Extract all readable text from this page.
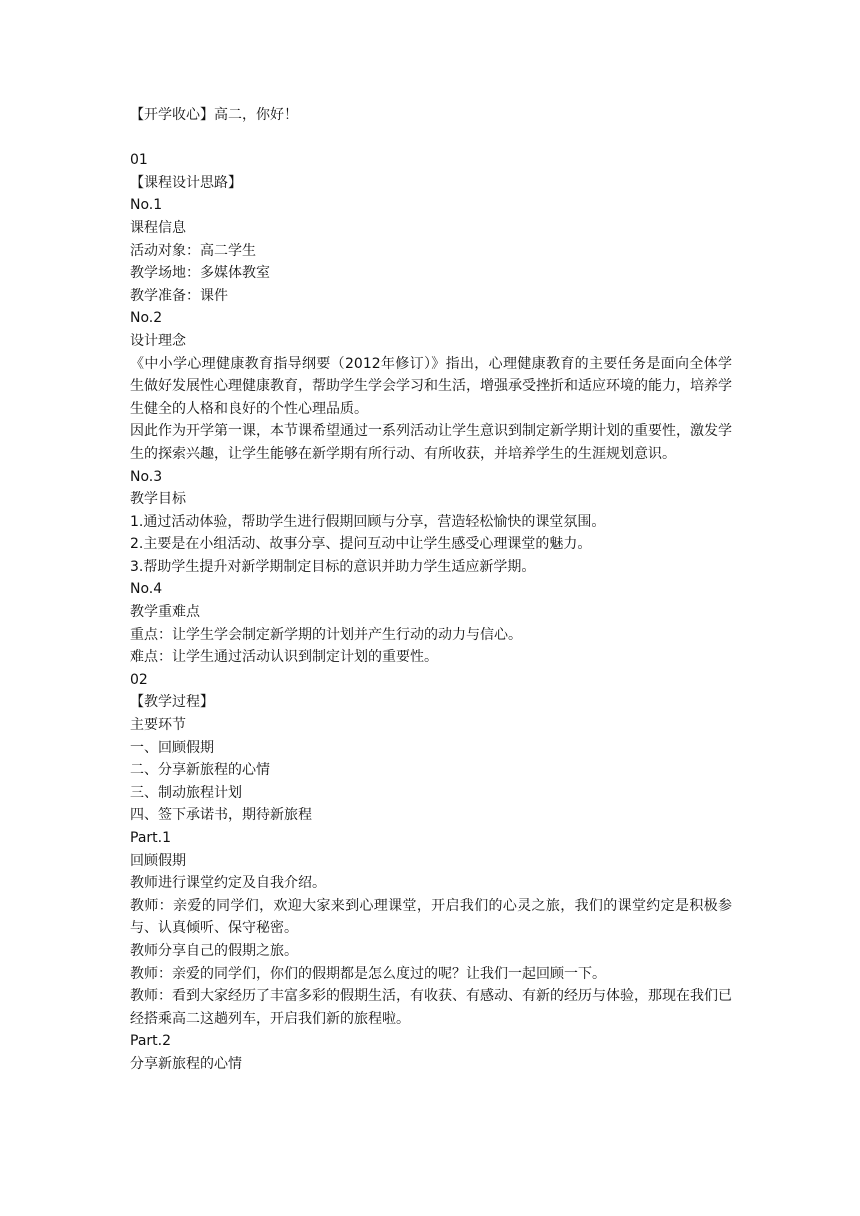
【开学收心】高二，你好！
01
【课程设计思路】
No.1
课程信息
活动对象：高二学生
教学场地：多媒体教室
教学准备：课件
No.2
设计理念
《中小学心理健康教育指导纲要（2012年修订）》指出，心理健康教育的主要任务是面向全体学生做好发展性心理健康教育，帮助学生学会学习和生活，增强承受挫折和适应环境的能力，培养学生健全的人格和良好的个性心理品质。
因此作为开学第一课，本节课希望通过一系列活动让学生意识到制定新学期计划的重要性，激发学生的探索兴趣，让学生能够在新学期有所行动、有所收获，并培养学生的生涯规划意识。
No.3
教学目标
1.通过活动体验，帮助学生进行假期回顾与分享，营造轻松愉快的课堂氛围。
2.主要是在小组活动、故事分享、提问互动中让学生感受心理课堂的魅力。
3.帮助学生提升对新学期制定目标的意识并助力学生适应新学期。
No.4
教学重难点
重点：让学生学会制定新学期的计划并产生行动的动力与信心。
难点：让学生通过活动认识到制定计划的重要性。
02
【教学过程】
主要环节
一、回顾假期
二、分享新旅程的心情
三、制动旅程计划
四、签下承诺书，期待新旅程
Part.1
回顾假期
教师进行课堂约定及自我介绍。
教师：亲爱的同学们，欢迎大家来到心理课堂，开启我们的心灵之旅，我们的课堂约定是积极参与、认真倾听、保守秘密。
教师分享自己的假期之旅。
教师：亲爱的同学们，你们的假期都是怎么度过的呢？让我们一起回顾一下。
教师：看到大家经历了丰富多彩的假期生活，有收获、有感动、有新的经历与体验，那现在我们已经搭乘高二这趟列车，开启我们新的旅程啦。
Part.2
分享新旅程的心情
